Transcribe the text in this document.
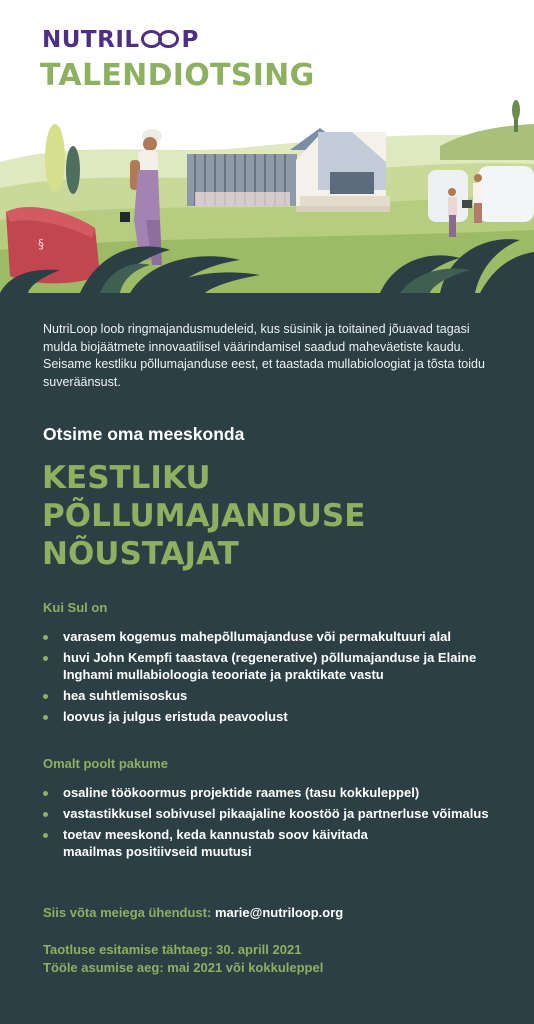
NUTRIL P
TALENDIOTSING
§

NutriLoop loob ringmajandusmudeleid, kus süsinik ja toitained jõuavad tagasi mulda biojäätmete innovaatilisel väärindamisel saadud maheväetiste kaudu. Seisame kestliku põllumajanduse eest, et taastada mullabioloogiat ja tõsta toidu suveräänsust.

Otsime oma meeskonda
KESTLIKU
PÕLLUMAJANDUSE
NÕUSTAJAT
Kui Sul on
varasem kogemus mahepõllumajanduse või permakultuuri alal
huvi John Kempfi taastava (regenerative) põllumajanduse ja Elaine Inghami mullabioloogia teooriate ja praktikate vastu
hea suhtlemisoskus
loovus ja julgus eristuda peavoolust
Omalt poolt pakume
osaline töökoormus projektide raames (tasu kokkuleppel)
vastastikkusel sobivusel pikaajaline koostöö ja partnerluse võimalus
toetav meeskond, keda kannustab soov käivitada maailmas positiivseid muutusi
Siis võta meiega ühendust: marie@nutriloop.org
Taotluse esitamise tähtaeg: 30. aprill 2021
Tööle asumise aeg: mai 2021 või kokkuleppel
